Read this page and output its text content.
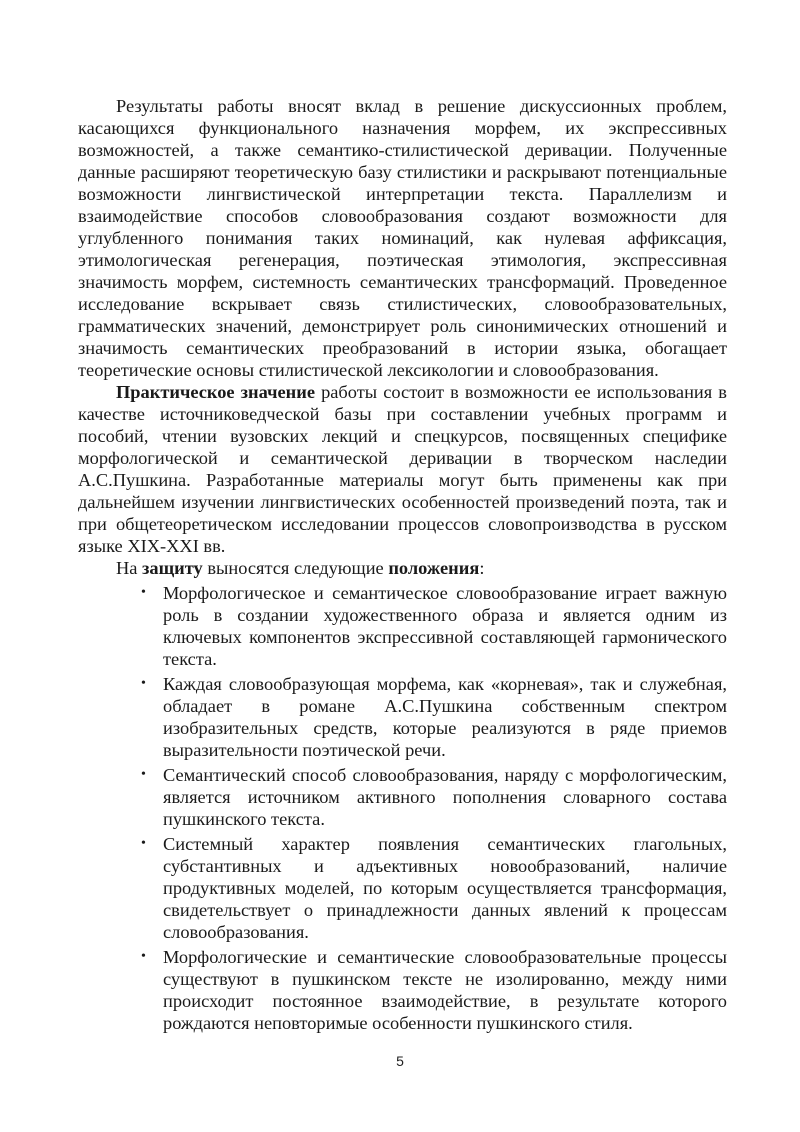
Результаты работы вносят вклад в решение дискуссионных проблем, касающихся функционального назначения морфем, их экспрессивных возможностей, а также семантико-стилистической деривации. Полученные данные расширяют теоретическую базу стилистики и раскрывают потенциальные возможности лингвистической интерпретации текста. Параллелизм и взаимодействие способов словообразования создают возможности для углубленного понимания таких номинаций, как нулевая аффиксация, этимологическая регенерация, поэтическая этимология, экспрессивная значимость морфем, системность семантических трансформаций. Проведенное исследование вскрывает связь стилистических, словообразовательных, грамматических значений, демонстрирует роль синонимических отношений и значимость семантических преобразований в истории языка, обогащает теоретические основы стилистической лексикологии и словообразования.

Практическое значение работы состоит в возможности ее использования в качестве источниковедческой базы при составлении учебных программ и пособий, чтении вузовских лекций и спецкурсов, посвященных специфике морфологической и семантической деривации в творческом наследии А.С.Пушкина. Разработанные материалы могут быть применены как при дальнейшем изучении лингвистических особенностей произведений поэта, так и при общетеоретическом исследовании процессов словопроизводства в русском языке XIX-XXI вв.

На защиту выносятся следующие положения:

• Морфологическое и семантическое словообразование играет важную роль в создании художественного образа и является одним из ключевых компонентов экспрессивной составляющей гармонического текста.
• Каждая словообразующая морфема, как «корневая», так и служебная, обладает в романе А.С.Пушкина собственным спектром изобразительных средств, которые реализуются в ряде приемов выразительности поэтической речи.
• Семантический способ словообразования, наряду с морфологическим, является источником активного пополнения словарного состава пушкинского текста.
• Системный характер появления семантических глагольных, субстантивных и адъективных новообразований, наличие продуктивных моделей, по которым осуществляется трансформация, свидетельствует о принадлежности данных явлений к процессам словообразования.
• Морфологические и семантические словообразовательные процессы существуют в пушкинском тексте не изолированно, между ними происходит постоянное взаимодействие, в результате которого рождаются неповторимые особенности пушкинского стиля.
5
